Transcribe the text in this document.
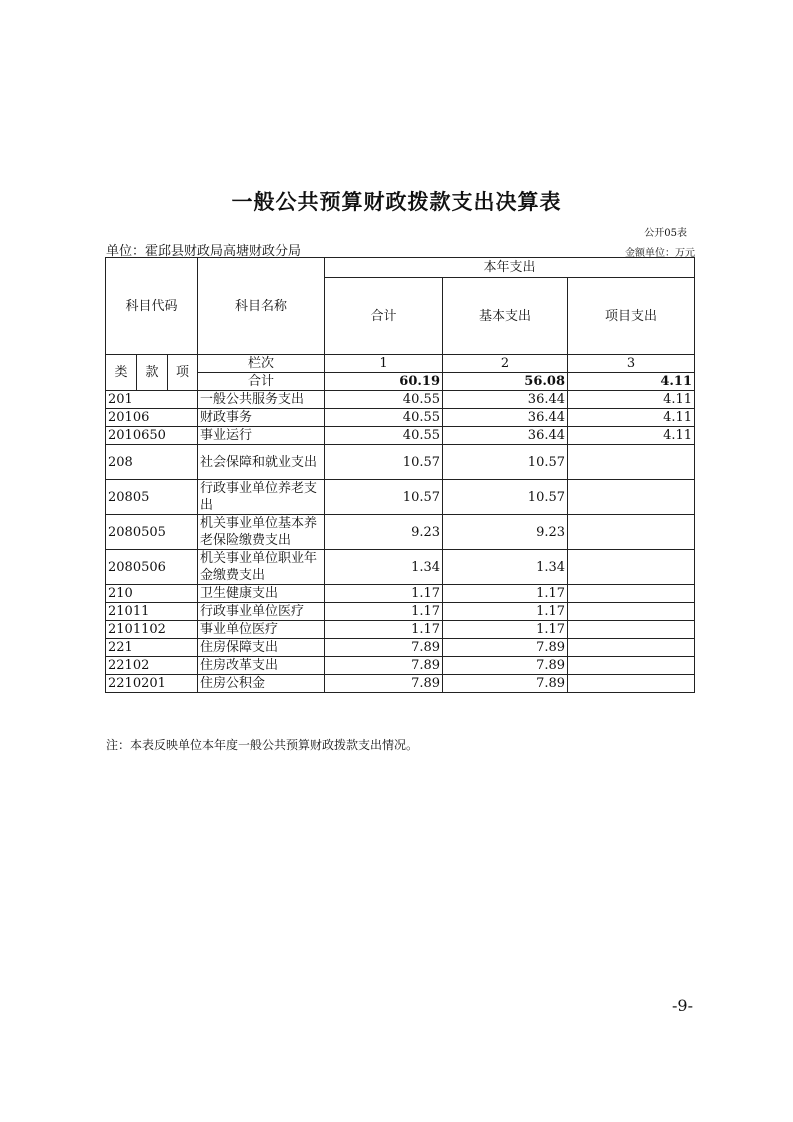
一般公共预算财政拨款支出决算表
公开05表
单位：霍邱县财政局高塘财政分局	金额单位：万元
科目代码			科目名称	本年支出		
				合计	基本支出	项目支出
类	款	项	栏次	1	2	3
			合计	60.19	56.08	4.11
201			一般公共服务支出	40.55	36.44	4.11
20106			财政事务	40.55	36.44	4.11
2010650			事业运行	40.55	36.44	4.11
208			社会保障和就业支出	10.57	10.57	
20805			行政事业单位养老支出	10.57	10.57	
2080505			机关事业单位基本养老保险缴费支出	9.23	9.23	
2080506			机关事业单位职业年金缴费支出	1.34	1.34	
210			卫生健康支出	1.17	1.17	
21011			行政事业单位医疗	1.17	1.17	
2101102			事业单位医疗	1.17	1.17	
221			住房保障支出	7.89	7.89	
22102			住房改革支出	7.89	7.89	
2210201			住房公积金	7.89	7.89	
注：本表反映单位本年度一般公共预算财政拨款支出情况。
-9-
